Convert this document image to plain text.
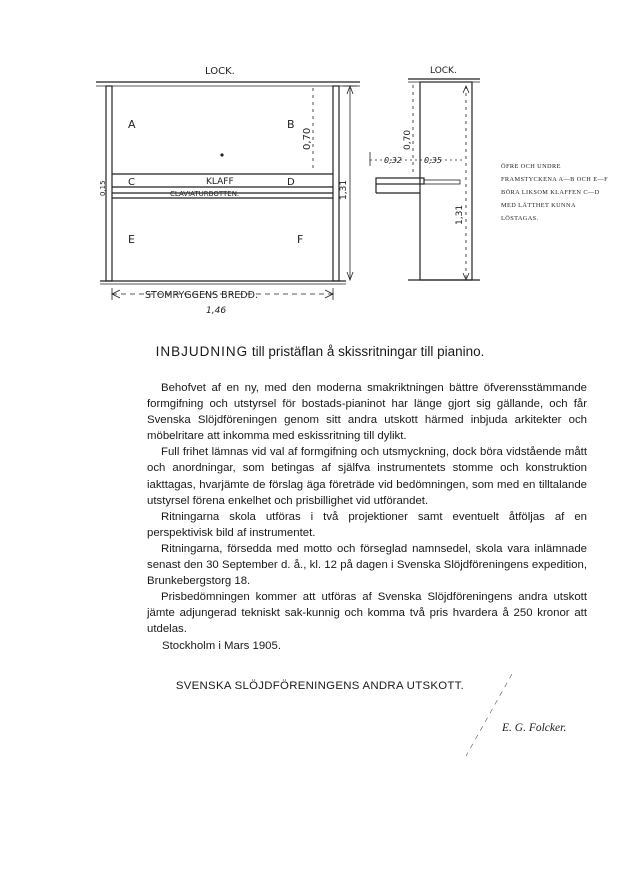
LOCK.
A	B
C	D
KLAFF
CLAVIATURBOTTEN.
E	F
0,70
1,31
0,15
STOMRYGGENS BREDD.
1,46
LOCK.
0,70
0,32	0,35
1,31
ÖFRE OCH UNDRE FRAMSTYCKENA A—B OCH E—F BÖRA LIKSOM KLAFFEN C—D MED LÄTTHET KUNNA LÖSTAGAS.
INBJUDNING till pristäflan å skissritningar till pianino.

Behofvet af en ny, med den moderna smakriktningen bättre öfverensstämmande formgifning och utstyrsel för bostads-pianinot har länge gjort sig gällande, och får Svenska Slöjdföreningen genom sitt andra utskott härmed inbjuda arkitekter och möbelritare att inkomma med eskissritning till dylikt.

Full frihet lämnas vid val af formgifning och utsmyckning, dock böra vidstående mått och anordningar, som betingas af själfva instrumentets stomme och konstruktion iakttagas, hvarjämte de förslag äga företräde vid bedömningen, som med en tilltalande utstyrsel förena enkelhet och prisbillighet vid utförandet.

Ritningarna skola utföras i två projektioner samt eventuelt åtföljas af en perspektivisk bild af instrumentet.

Ritningarna, försedda med motto och förseglad namnsedel, skola vara inlämnade senast den 30 September d. å., kl. 12 på dagen i Svenska Slöjdföreningens expedition, Brunkebergstorg 18.

Prisbedömningen kommer att utföras af Svenska Slöjdföreningens andra utskott jämte adjungerad tekniskt sak-kunnig och komma två pris hvardera å 250 kronor att utdelas.

Stockholm i Mars 1905.
SVENSKA SLÖJDFÖRENINGENS ANDRA UTSKOTT.
E. G. Folcker.
